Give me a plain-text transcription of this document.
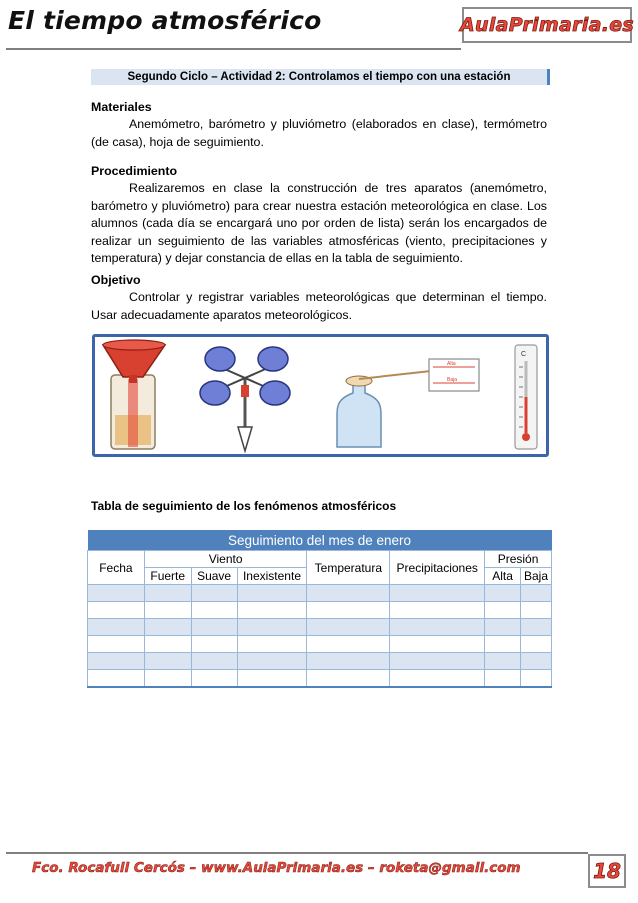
El tiempo atmosférico	AulaPrimaria.es
Segundo Ciclo – Actividad 2: Controlamos el tiempo con una estación
Materiales

Anemómetro, barómetro y pluviómetro (elaborados en clase), termómetro (de casa), hoja de seguimiento.

Procedimiento

Realizaremos en clase la construcción de tres aparatos (anemómetro, barómetro y pluviómetro) para crear nuestra estación meteorológica en clase. Los alumnos (cada día se encargará uno por orden de lista) serán los encargados de realizar un seguimiento de las variables atmosféricas (viento, precipitaciones y temperatura) y dejar constancia de ellas en la tabla de seguimiento.

Objetivo

Controlar y registrar variables meteorológicas que determinan el tiempo. Usar adecuadamente aparatos meteorológicos.

Alta
Baja
C
Tabla de seguimiento de los fenómenos atmosféricos
Seguimiento del mes de enero							
Fecha	Viento			Temperatura	Precipitaciones	Presión	
	Fuerte	Suave	Inexistente			Alta	Baja

Fco. Rocafull Cercós – www.AulaPrimaria.es – roketa@gmail.com	18
